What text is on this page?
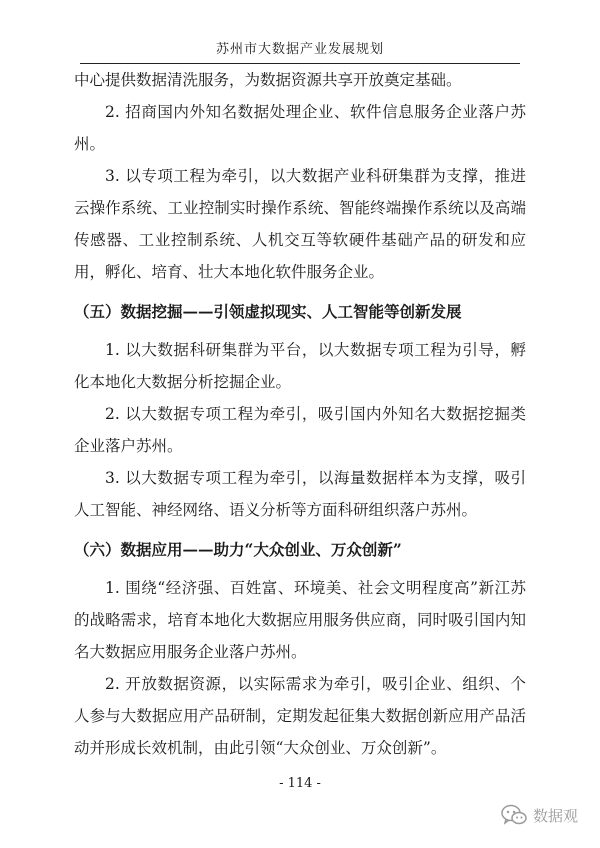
苏州市大数据产业发展规划

中心提供数据清洗服务，为数据资源共享开放奠定基础。

2. 招商国内外知名数据处理企业、软件信息服务企业落户苏州。

3. 以专项工程为牵引，以大数据产业科研集群为支撑，推进云操作系统、工业控制实时操作系统、智能终端操作系统以及高端传感器、工业控制系统、人机交互等软硬件基础产品的研发和应用，孵化、培育、壮大本地化软件服务企业。

（五）数据挖掘——引领虚拟现实、人工智能等创新发展

1. 以大数据科研集群为平台，以大数据专项工程为引导，孵化本地化大数据分析挖掘企业。

2. 以大数据专项工程为牵引，吸引国内外知名大数据挖掘类企业落户苏州。

3. 以大数据专项工程为牵引，以海量数据样本为支撑，吸引人工智能、神经网络、语义分析等方面科研组织落户苏州。

（六）数据应用——助力“大众创业、万众创新”

1. 围绕“经济强、百姓富、环境美、社会文明程度高”新江苏的战略需求，培育本地化大数据应用服务供应商，同时吸引国内知名大数据应用服务企业落户苏州。

2. 开放数据资源，以实际需求为牵引，吸引企业、组织、个人参与大数据应用产品研制，定期发起征集大数据创新应用产品活动并形成长效机制，由此引领“大众创业、万众创新”。

- 114 -
数据观
